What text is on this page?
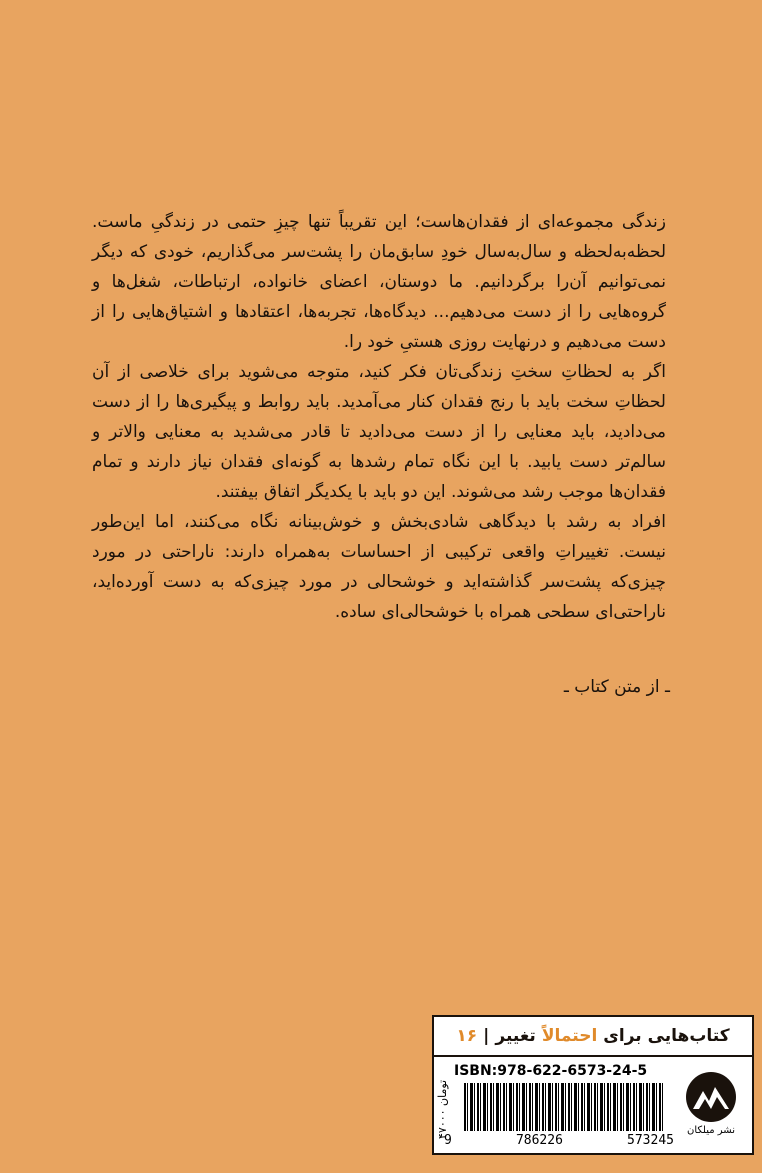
زندگی مجموعه‌ای از فقدان‌هاست؛ این تقریباً تنها چیزِ حتمی در زندگیِ ماست. لحظه‌به‌لحظه و سال‌به‌سال خودِ سابق‌مان را پشت‌سر می‌گذاریم، خودی که دیگر نمی‌توانیم آن‌را برگردانیم. ما دوستان، اعضای خانواده، ارتباطات، شغل‌ها و گروه‌هایی را از دست می‌دهیم... دیدگاه‌ها، تجربه‌ها، اعتقادها و اشتیاق‌هایی را از دست می‌دهیم و درنهایت روزی هستیِ خود را.

اگر به لحظاتِ سختِ زندگی‌تان فکر کنید، متوجه می‌شوید برای خلاصی از آن لحظاتِ سخت باید با رنج فقدان کنار می‌آمدید. باید روابط و پیگیری‌ها را از دست می‌دادید، باید معنایی را از دست می‌دادید تا قادر می‌شدید به معنایی والاتر و سالم‌تر دست یابید. با این نگاه تمام رشدها به گونه‌ای فقدان نیاز دارند و تمام فقدان‌ها موجب رشد می‌شوند. این دو باید با یکدیگر اتفاق بیفتند.

افراد به رشد با دیدگاهی شادی‌بخش و خوش‌بینانه نگاه می‌کنند، اما این‌طور نیست. تغییراتِ واقعی ترکیبی از احساسات به‌همراه دارند: ناراحتی در مورد چیزی‌که پشت‌سر گذاشته‌اید و خوشحالی در مورد چیزی‌که به دست آورده‌اید، ناراحتی‌ای سطحی همراه با خوشحالی‌ای ساده.

ـ از متن کتاب ـ
کتاب‌هایی برای
احتمالاً
تغییر
|
۱۶
۴۷۰۰۰ تومان
ISBN:978-622-6573-24-5
9	786226	573245
نشر میلکان
